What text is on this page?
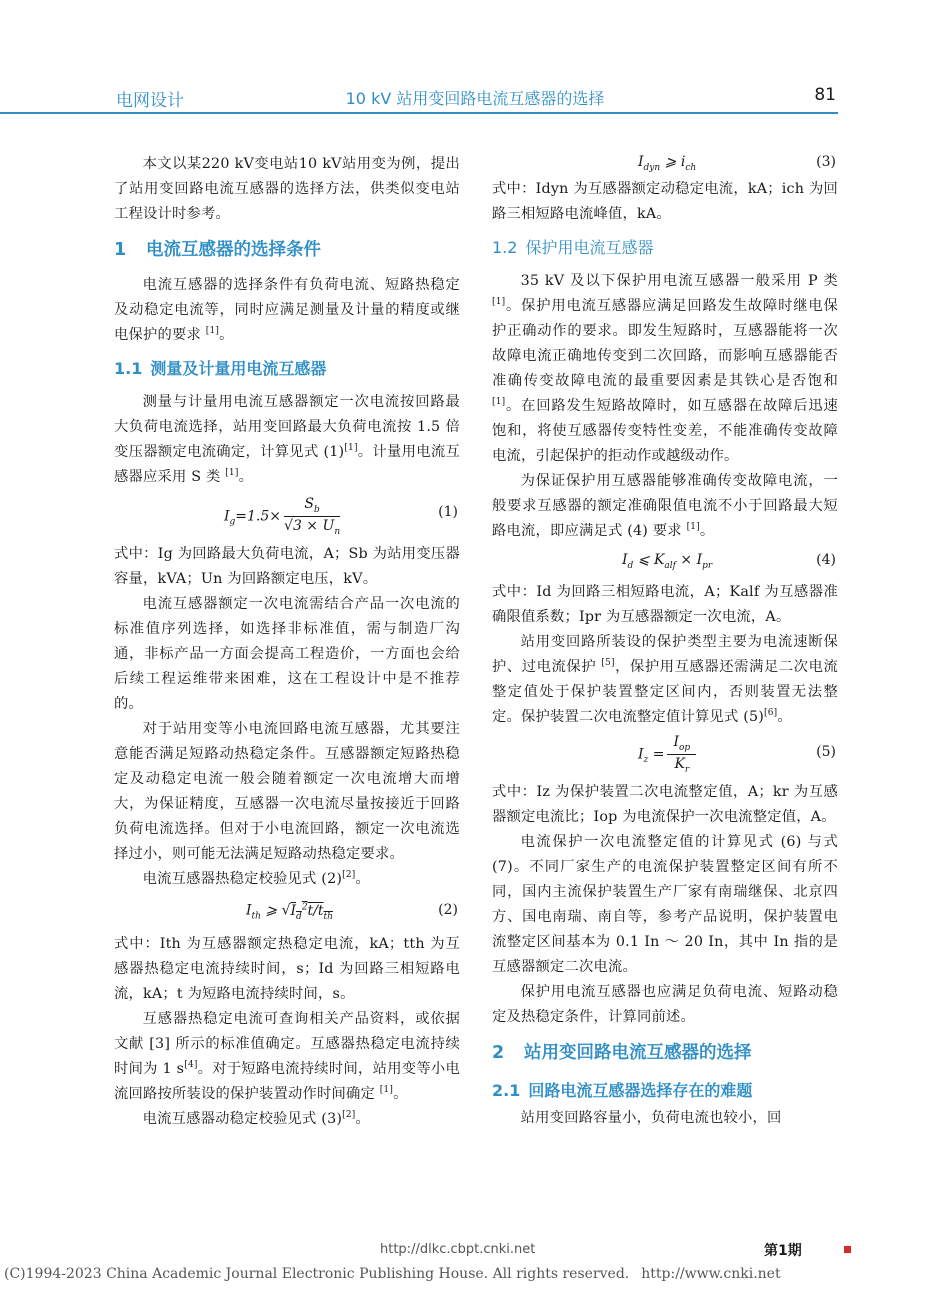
电网设计	10 kV 站用变回路电流互感器的选择	81

本文以某220 kV变电站10 kV站用变为例，提出了站用变回路电流互感器的选择方法，供类似变电站工程设计时参考。

1 电流互感器的选择条件

电流互感器的选择条件有负荷电流、短路热稳定及动稳定电流等，同时应满足测量及计量的精度或继电保护的要求 [1]。

1.1 测量及计量用电流互感器

测量与计量用电流互感器额定一次电流按回路最大负荷电流选择，站用变回路最大负荷电流按 1.5 倍变压器额定电流确定，计算见式 (1)[1]。计量用电流互感器应采用 S 类 [1]。

$I_g=1.5\times \frac{S_b}{√3 \times U_n}$	(1)

式中：Ig 为回路最大负荷电流，A；Sb 为站用变压器容量，kVA；Un 为回路额定电压，kV。

电流互感器额定一次电流需结合产品一次电流的标准值序列选择，如选择非标准值，需与制造厂沟通，非标产品一方面会提高工程造价，一方面也会给后续工程运维带来困难，这在工程设计中是不推荐的。

对于站用变等小电流回路电流互感器，尤其要注意能否满足短路动热稳定条件。互感器额定短路热稳定及动稳定电流一般会随着额定一次电流增大而增大，为保证精度，互感器一次电流尽量按接近于回路负荷电流选择。但对于小电流回路，额定一次电流选择过小，则可能无法满足短路动热稳定要求。

电流互感器热稳定校验见式 (2)[2]。

$I_{th}$ ⩾ $√I_d^2t/t_{th}$	(2)

式中：Ith 为互感器额定热稳定电流，kA；tth 为互感器热稳定电流持续时间，s；Id 为回路三相短路电流，kA；t 为短路电流持续时间，s。

互感器热稳定电流可查询相关产品资料，或依据文献 [3] 所示的标准值确定。互感器热稳定电流持续时间为 1 s[4]。对于短路电流持续时间，站用变等小电流回路按所装设的保护装置动作时间确定 [1]。

电流互感器动稳定校验见式 (3)[2]。

$I_{dyn}$ ⩾ $i_{ch}$	(3)

式中：Idyn 为互感器额定动稳定电流，kA；ich 为回路三相短路电流峰值，kA。

1.2 保护用电流互感器

35 kV 及以下保护用电流互感器一般采用 P 类 [1]。保护用电流互感器应满足回路发生故障时继电保护正确动作的要求。即发生短路时，互感器能将一次故障电流正确地传变到二次回路，而影响互感器能否准确传变故障电流的最重要因素是其铁心是否饱和 [1]。在回路发生短路故障时，如互感器在故障后迅速饱和，将使互感器传变特性变差，不能准确传变故障电流，引起保护的拒动作或越级动作。

为保证保护用互感器能够准确传变故障电流，一般要求互感器的额定准确限值电流不小于回路最大短路电流，即应满足式 (4) 要求 [1]。

$I_d$ ⩽ $K_{alf} \times I_{pr}$	(4)

式中：Id 为回路三相短路电流，A；Kalf 为互感器准确限值系数；Ipr 为互感器额定一次电流，A。

站用变回路所装设的保护类型主要为电流速断保护、过电流保护 [5]，保护用互感器还需满足二次电流整定值处于保护装置整定区间内，否则装置无法整定。保护装置二次电流整定值计算见式 (5)[6]。

$I_z = \frac{I_{op}}{K_r}$	(5)

式中：Iz 为保护装置二次电流整定值，A；kr 为互感器额定电流比；Iop 为电流保护一次电流整定值，A。

电流保护一次电流整定值的计算见式 (6) 与式 (7)。不同厂家生产的电流保护装置整定区间有所不同，国内主流保护装置生产厂家有南瑞继保、北京四方、国电南瑞、南自等，参考产品说明，保护装置电流整定区间基本为 0.1 In ～ 20 In，其中 In 指的是互感器额定二次电流。

保护用电流互感器也应满足负荷电流、短路动稳定及热稳定条件，计算同前述。

2 站用变回路电流互感器的选择
2.1 回路电流互感器选择存在的难题

站用变回路容量小，负荷电流也较小，回

http://dlkc.cbpt.cnki.net	第1期
(C)1994-2023 China Academic Journal Electronic Publishing House. All rights reserved. http://www.cnki.net
